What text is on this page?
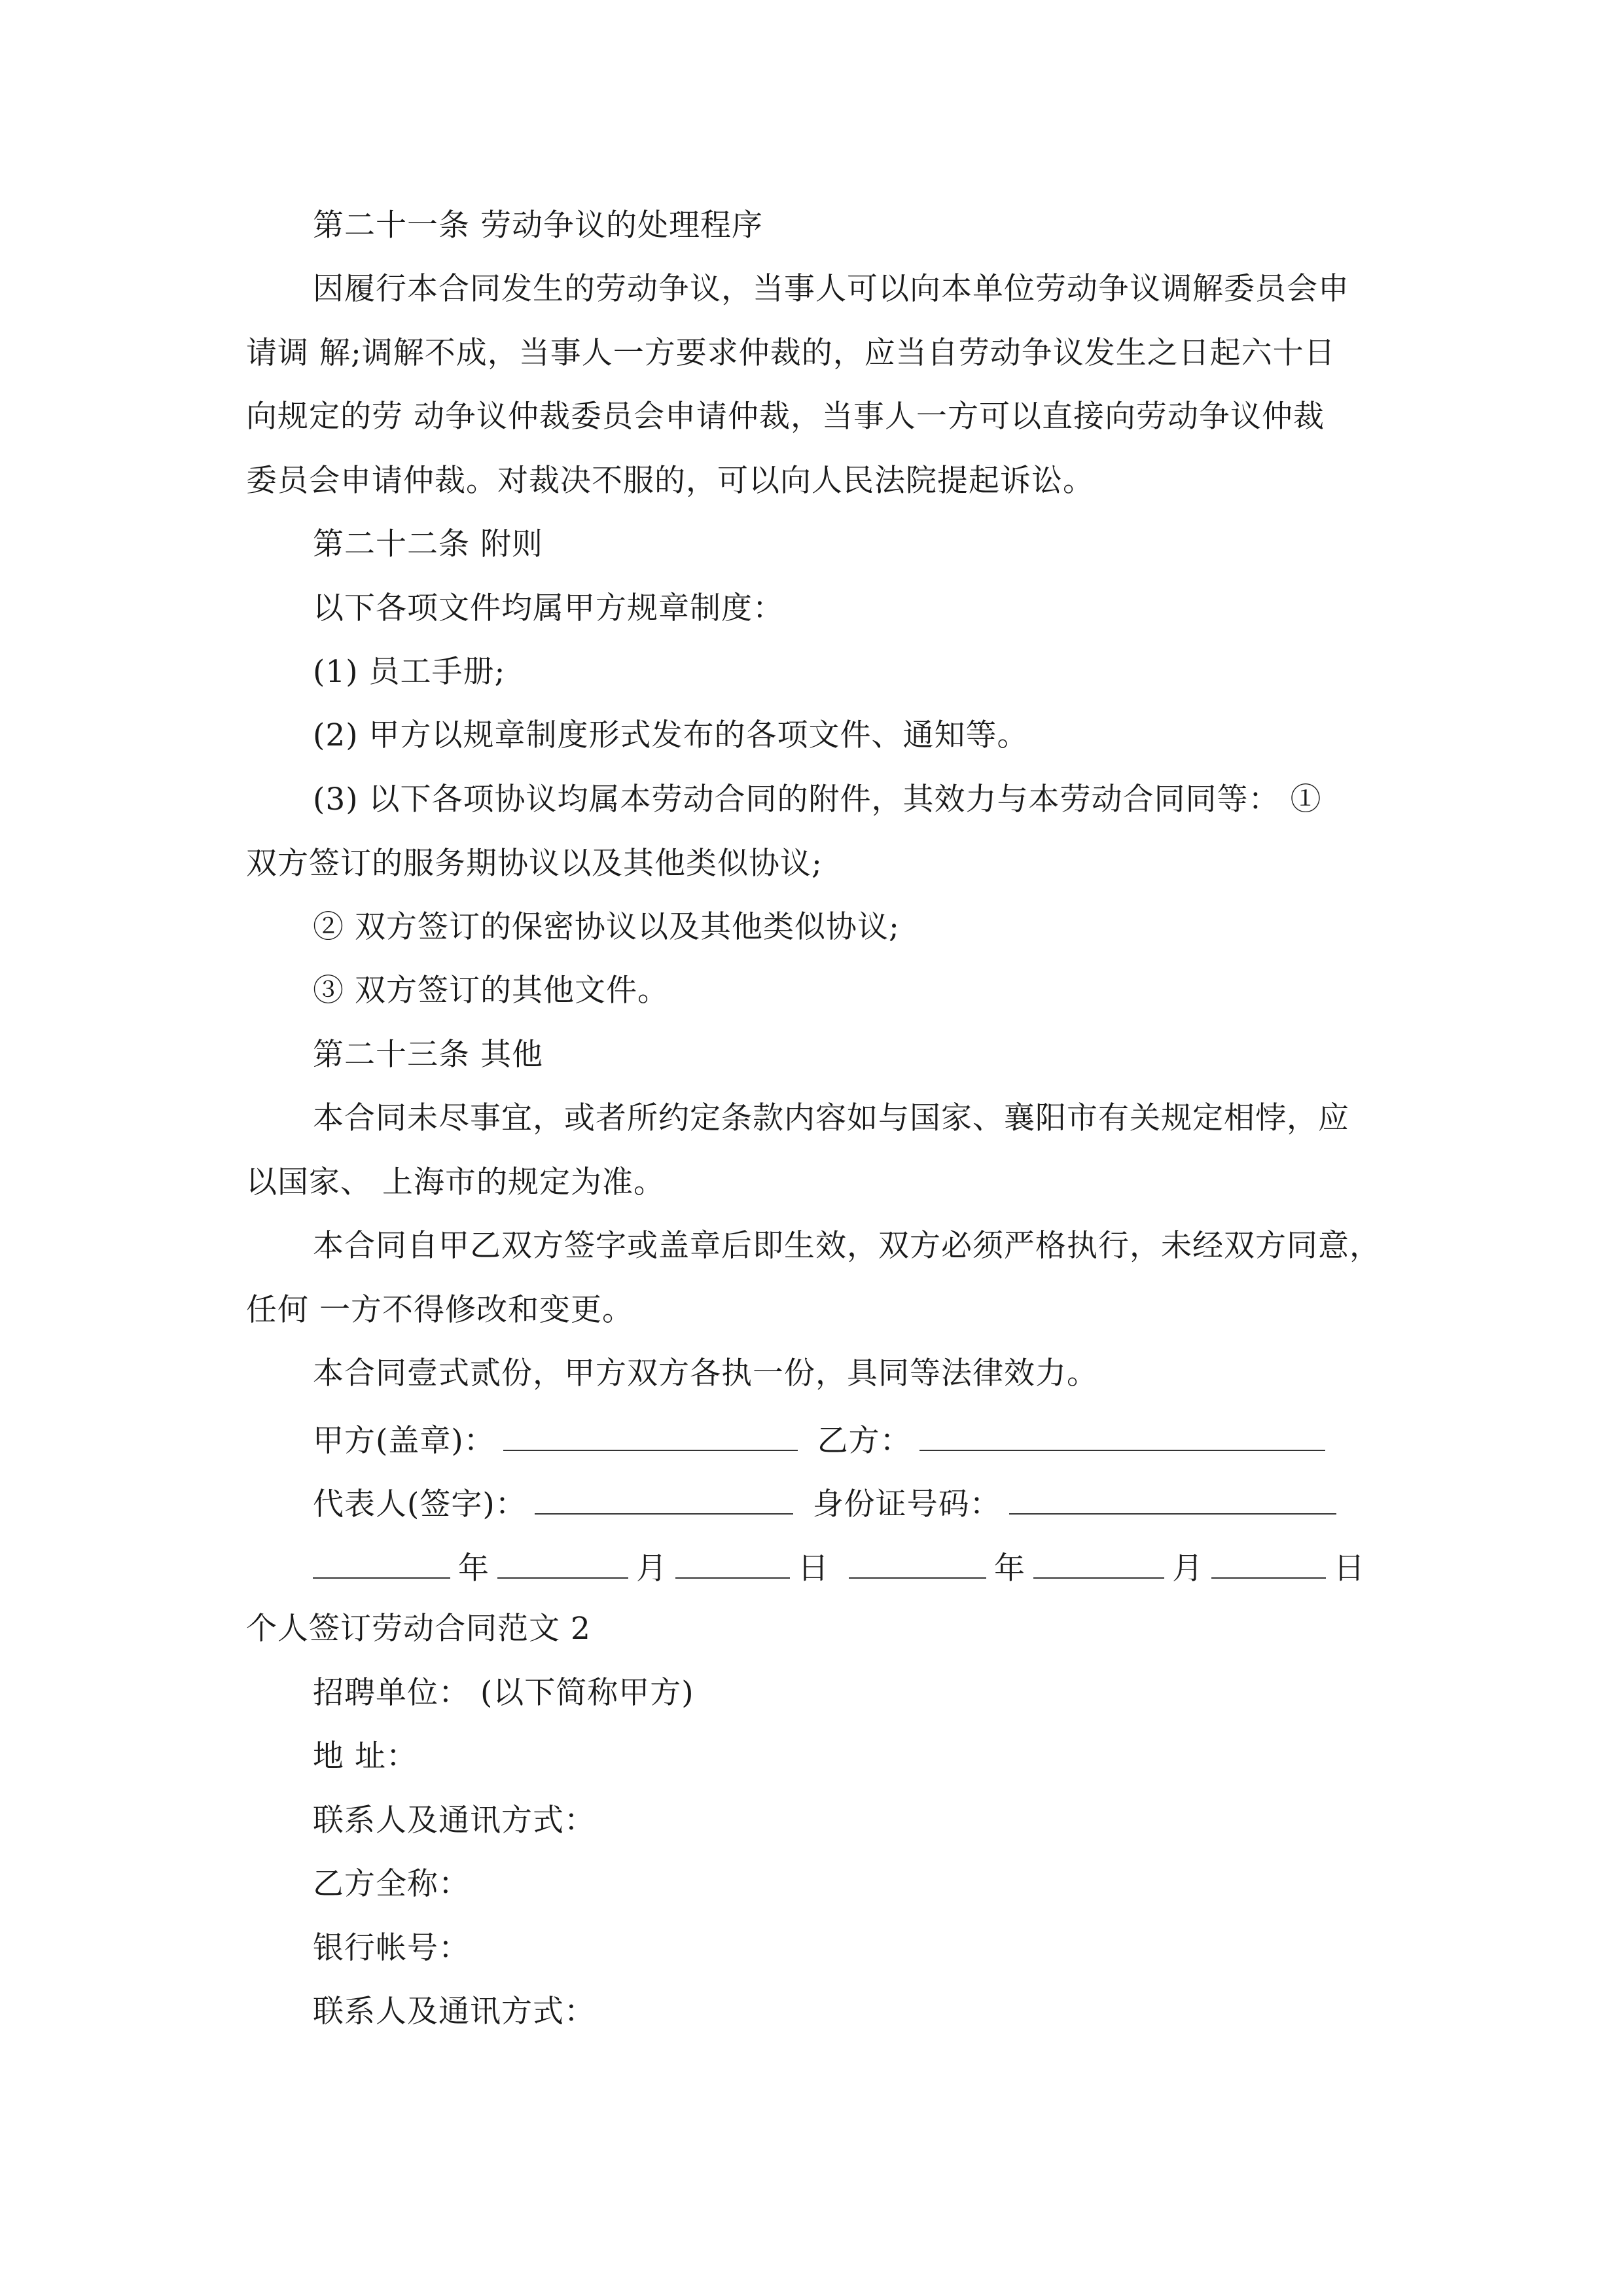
第二十一条 劳动争议的处理程序
因履行本合同发生的劳动争议，当事人可以向本单位劳动争议调解委员会申
请调 解;调解不成，当事人一方要求仲裁的，应当自劳动争议发生之日起六十日
向规定的劳 动争议仲裁委员会申请仲裁，当事人一方可以直接向劳动争议仲裁
委员会申请仲裁。对裁决不服的，可以向人民法院提起诉讼。
第二十二条 附则
以下各项文件均属甲方规章制度：
(1) 员工手册;
(2) 甲方以规章制度形式发布的各项文件、通知等。
(3) 以下各项协议均属本劳动合同的附件，其效力与本劳动合同同等： ①
双方签订的服务期协议以及其他类似协议;
② 双方签订的保密协议以及其他类似协议;
③ 双方签订的其他文件。
第二十三条 其他
本合同未尽事宜，或者所约定条款内容如与国家、襄阳市有关规定相悖，应
以国家、 上海市的规定为准。
本合同自甲乙双方签字或盖章后即生效，双方必须严格执行，未经双方同意，
任何 一方不得修改和变更。
本合同壹式贰份，甲方双方各执一份，具同等法律效力。
甲方(盖章)：	乙方：
代表人(签字)：	身份证号码：
年	月	日	年	月	日
个人签订劳动合同范文 2
招聘单位： (以下简称甲方)
地 址：
联系人及通讯方式：
乙方全称：
银行帐号：
联系人及通讯方式：
